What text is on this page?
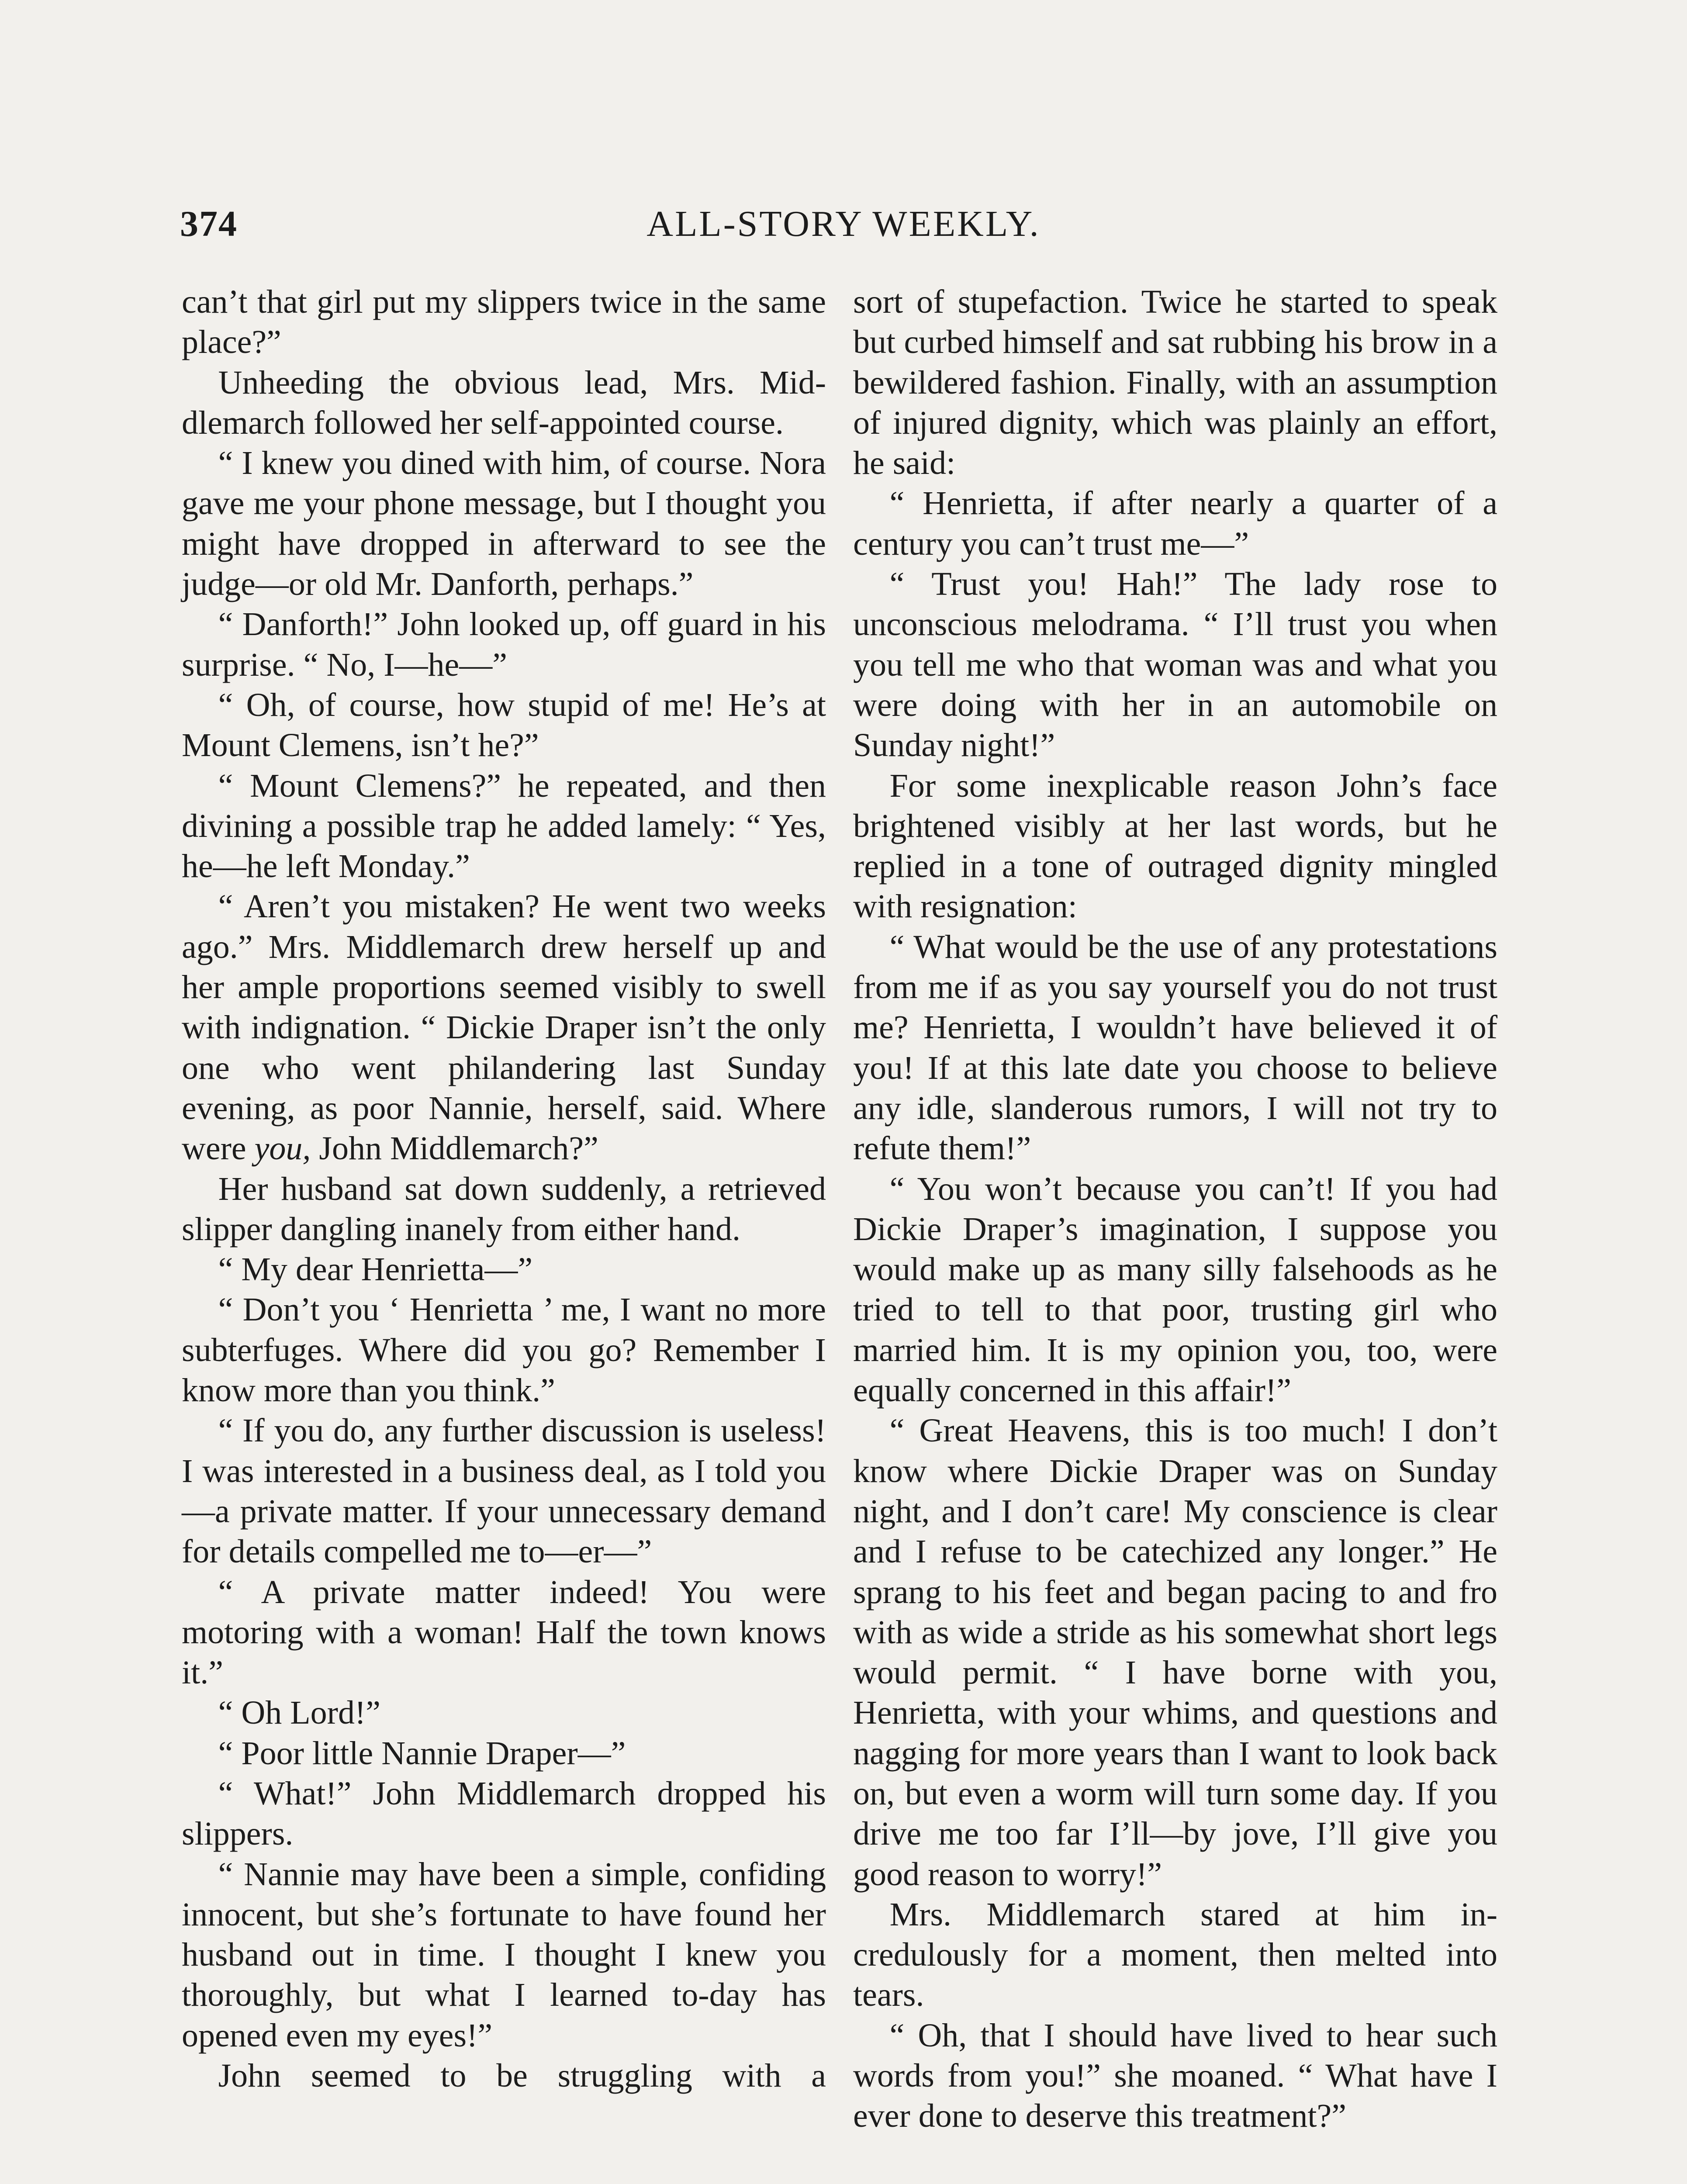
374	ALL-STORY WEEKLY.

can’t that girl put my slippers twice in the same place?”

Unheeding the obvious lead, Mrs. Middlemarch followed her self-appointed course.

“ I knew you dined with him, of course. Nora gave me your phone message, but I thought you might have dropped in afterward to see the judge—or old Mr. Danforth, perhaps.”

“ Danforth!” John looked up, off guard in his surprise. “ No, I—he—”

“ Oh, of course, how stupid of me! He’s at Mount Clemens, isn’t he?”

“ Mount Clemens?” he repeated, and then divining a possible trap he added lamely: “ Yes, he—he left Monday.”

“ Aren’t you mistaken? He went two weeks ago.” Mrs. Middlemarch drew herself up and her ample proportions seemed visibly to swell with indignation. “ Dickie Draper isn’t the only one who went philandering last Sunday evening, as poor Nannie, herself, said. Where were you, John Middlemarch?”

Her husband sat down suddenly, a retrieved slipper dangling inanely from either hand.

“ My dear Henrietta—”

“ Don’t you ‘ Henrietta ’ me, I want no more subterfuges. Where did you go? Remember I know more than you think.”

“ If you do, any further discussion is useless! I was interested in a business deal, as I told you—a private matter. If your unnecessary demand for details compelled me to—er—”

“ A private matter indeed! You were motoring with a woman! Half the town knows it.”

“ Oh Lord!”

“ Poor little Nannie Draper—”

“ What!” John Middlemarch dropped his slippers.

“ Nannie may have been a simple, confiding innocent, but she’s fortunate to have found her husband out in time. I thought I knew you thoroughly, but what I learned to-day has opened even my eyes!”

John seemed to be struggling with a

sort of stupefaction. Twice he started to speak but curbed himself and sat rubbing his brow in a bewildered fashion. Finally, with an assumption of injured dignity, which was plainly an effort, he said:

“ Henrietta, if after nearly a quarter of a century you can’t trust me—”

“ Trust you! Hah!” The lady rose to unconscious melodrama. “ I’ll trust you when you tell me who that woman was and what you were doing with her in an automobile on Sunday night!”

For some inexplicable reason John’s face brightened visibly at her last words, but he replied in a tone of outraged dignity mingled with resignation:

“ What would be the use of any protestations from me if as you say yourself you do not trust me? Henrietta, I wouldn’t have believed it of you! If at this late date you choose to believe any idle, slanderous rumors, I will not try to refute them!”

“ You won’t because you can’t! If you had Dickie Draper’s imagination, I suppose you would make up as many silly falsehoods as he tried to tell to that poor, trusting girl who married him. It is my opinion you, too, were equally concerned in this affair!”

“ Great Heavens, this is too much! I don’t know where Dickie Draper was on Sunday night, and I don’t care! My conscience is clear and I refuse to be catechized any longer.” He sprang to his feet and began pacing to and fro with as wide a stride as his somewhat short legs would permit. “ I have borne with you, Henrietta, with your whims, and questions and nagging for more years than I want to look back on, but even a worm will turn some day. If you drive me too far I’ll—by jove, I’ll give you good reason to worry!”

Mrs. Middlemarch stared at him incredulously for a moment, then melted into tears.

“ Oh, that I should have lived to hear such words from you!” she moaned. “ What have I ever done to deserve this treatment?”
